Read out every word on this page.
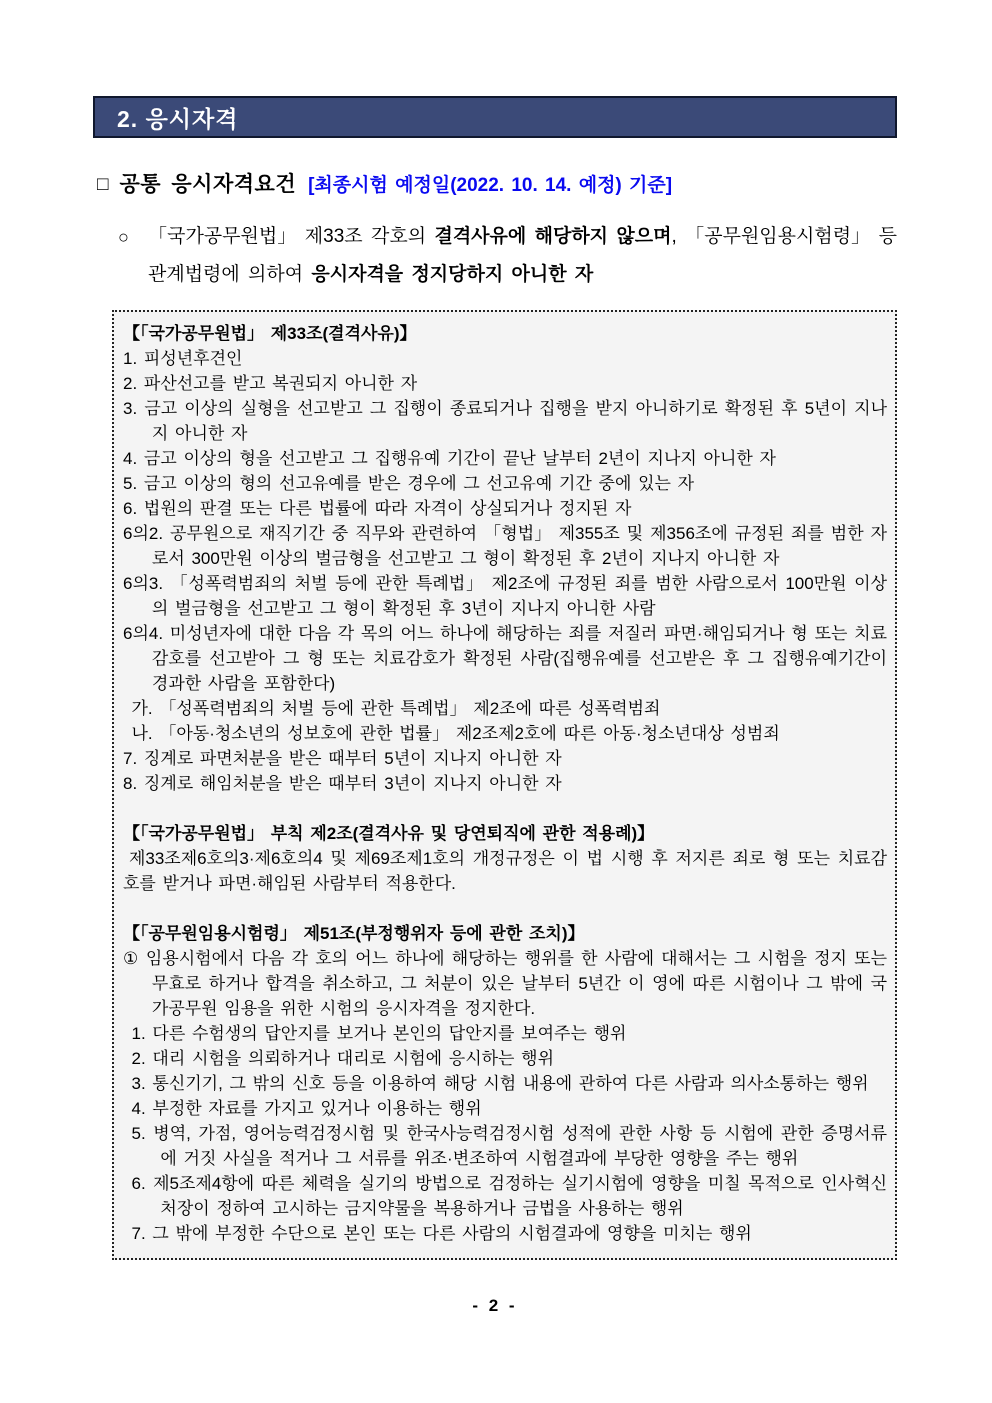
2. 응시자격
□ 공통 응시자격요건 [최종시험 예정일(2022. 10. 14. 예정) 기준]
○	「국가공무원법」 제33조 각호의 결격사유에 해당하지 않으며, 「공무원임용시험령」 등 관계법령에 의하여 응시자격을 정지당하지 아니한 자
【「국가공무원법」 제33조(결격사유)】
1. 피성년후견인
2. 파산선고를 받고 복권되지 아니한 자
3. 금고 이상의 실형을 선고받고 그 집행이 종료되거나 집행을 받지 아니하기로 확정된 후 5년이 지나지 아니한 자
4. 금고 이상의 형을 선고받고 그 집행유예 기간이 끝난 날부터 2년이 지나지 아니한 자
5. 금고 이상의 형의 선고유예를 받은 경우에 그 선고유예 기간 중에 있는 자
6. 법원의 판결 또는 다른 법률에 따라 자격이 상실되거나 정지된 자
6의2. 공무원으로 재직기간 중 직무와 관련하여 「형법」 제355조 및 제356조에 규정된 죄를 범한 자로서 300만원 이상의 벌금형을 선고받고 그 형이 확정된 후 2년이 지나지 아니한 자
6의3. 「성폭력범죄의 처벌 등에 관한 특례법」 제2조에 규정된 죄를 범한 사람으로서 100만원 이상의 벌금형을 선고받고 그 형이 확정된 후 3년이 지나지 아니한 사람
6의4. 미성년자에 대한 다음 각 목의 어느 하나에 해당하는 죄를 저질러 파면·해임되거나 형 또는 치료감호를 선고받아 그 형 또는 치료감호가 확정된 사람(집행유예를 선고받은 후 그 집행유예기간이 경과한 사람을 포함한다)
가. 「성폭력범죄의 처벌 등에 관한 특례법」 제2조에 따른 성폭력범죄
나. 「아동·청소년의 성보호에 관한 법률」 제2조제2호에 따른 아동·청소년대상 성범죄
7. 징계로 파면처분을 받은 때부터 5년이 지나지 아니한 자
8. 징계로 해임처분을 받은 때부터 3년이 지나지 아니한 자
【「국가공무원법」 부칙 제2조(결격사유 및 당연퇴직에 관한 적용례)】
제33조제6호의3·제6호의4 및 제69조제1호의 개정규정은 이 법 시행 후 저지른 죄로 형 또는 치료감호를 받거나 파면·해임된 사람부터 적용한다.
【「공무원임용시험령」 제51조(부정행위자 등에 관한 조치)】
① 임용시험에서 다음 각 호의 어느 하나에 해당하는 행위를 한 사람에 대해서는 그 시험을 정지 또는 무효로 하거나 합격을 취소하고, 그 처분이 있은 날부터 5년간 이 영에 따른 시험이나 그 밖에 국가공무원 임용을 위한 시험의 응시자격을 정지한다.
1. 다른 수험생의 답안지를 보거나 본인의 답안지를 보여주는 행위
2. 대리 시험을 의뢰하거나 대리로 시험에 응시하는 행위
3. 통신기기, 그 밖의 신호 등을 이용하여 해당 시험 내용에 관하여 다른 사람과 의사소통하는 행위
4. 부정한 자료를 가지고 있거나 이용하는 행위
5. 병역, 가점, 영어능력검정시험 및 한국사능력검정시험 성적에 관한 사항 등 시험에 관한 증명서류에 거짓 사실을 적거나 그 서류를 위조·변조하여 시험결과에 부당한 영향을 주는 행위
6. 제5조제4항에 따른 체력을 실기의 방법으로 검정하는 실기시험에 영향을 미칠 목적으로 인사혁신처장이 정하여 고시하는 금지약물을 복용하거나 금법을 사용하는 행위
7. 그 밖에 부정한 수단으로 본인 또는 다른 사람의 시험결과에 영향을 미치는 행위
- 2 -
